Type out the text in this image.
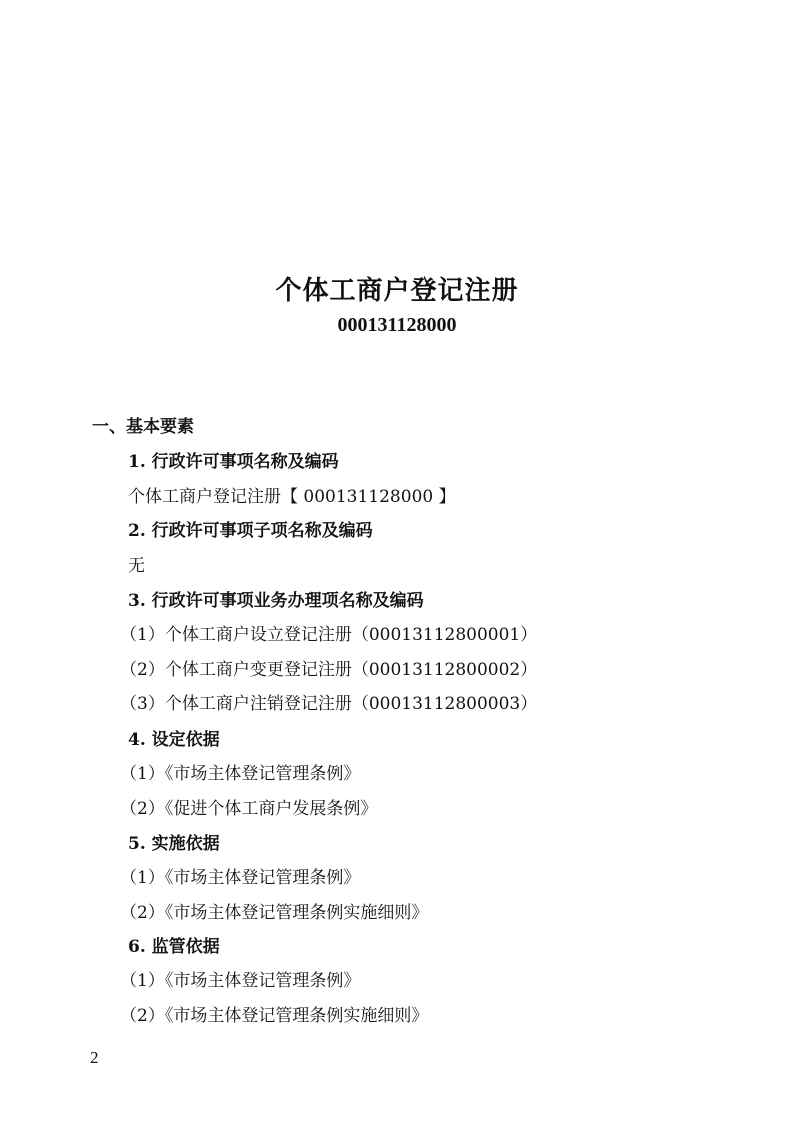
个体工商户登记注册
000131128000
一、基本要素
1. 行政许可事项名称及编码
个体工商户登记注册【 000131128000 】
2. 行政许可事项子项名称及编码
无
3. 行政许可事项业务办理项名称及编码
（1）个体工商户设立登记注册（00013112800001）
（2）个体工商户变更登记注册（00013112800002）
（3）个体工商户注销登记注册（00013112800003）
4. 设定依据
（1）《市场主体登记管理条例》
（2）《促进个体工商户发展条例》
5. 实施依据
（1）《市场主体登记管理条例》
（2）《市场主体登记管理条例实施细则》
6. 监管依据
（1）《市场主体登记管理条例》
（2）《市场主体登记管理条例实施细则》
2
